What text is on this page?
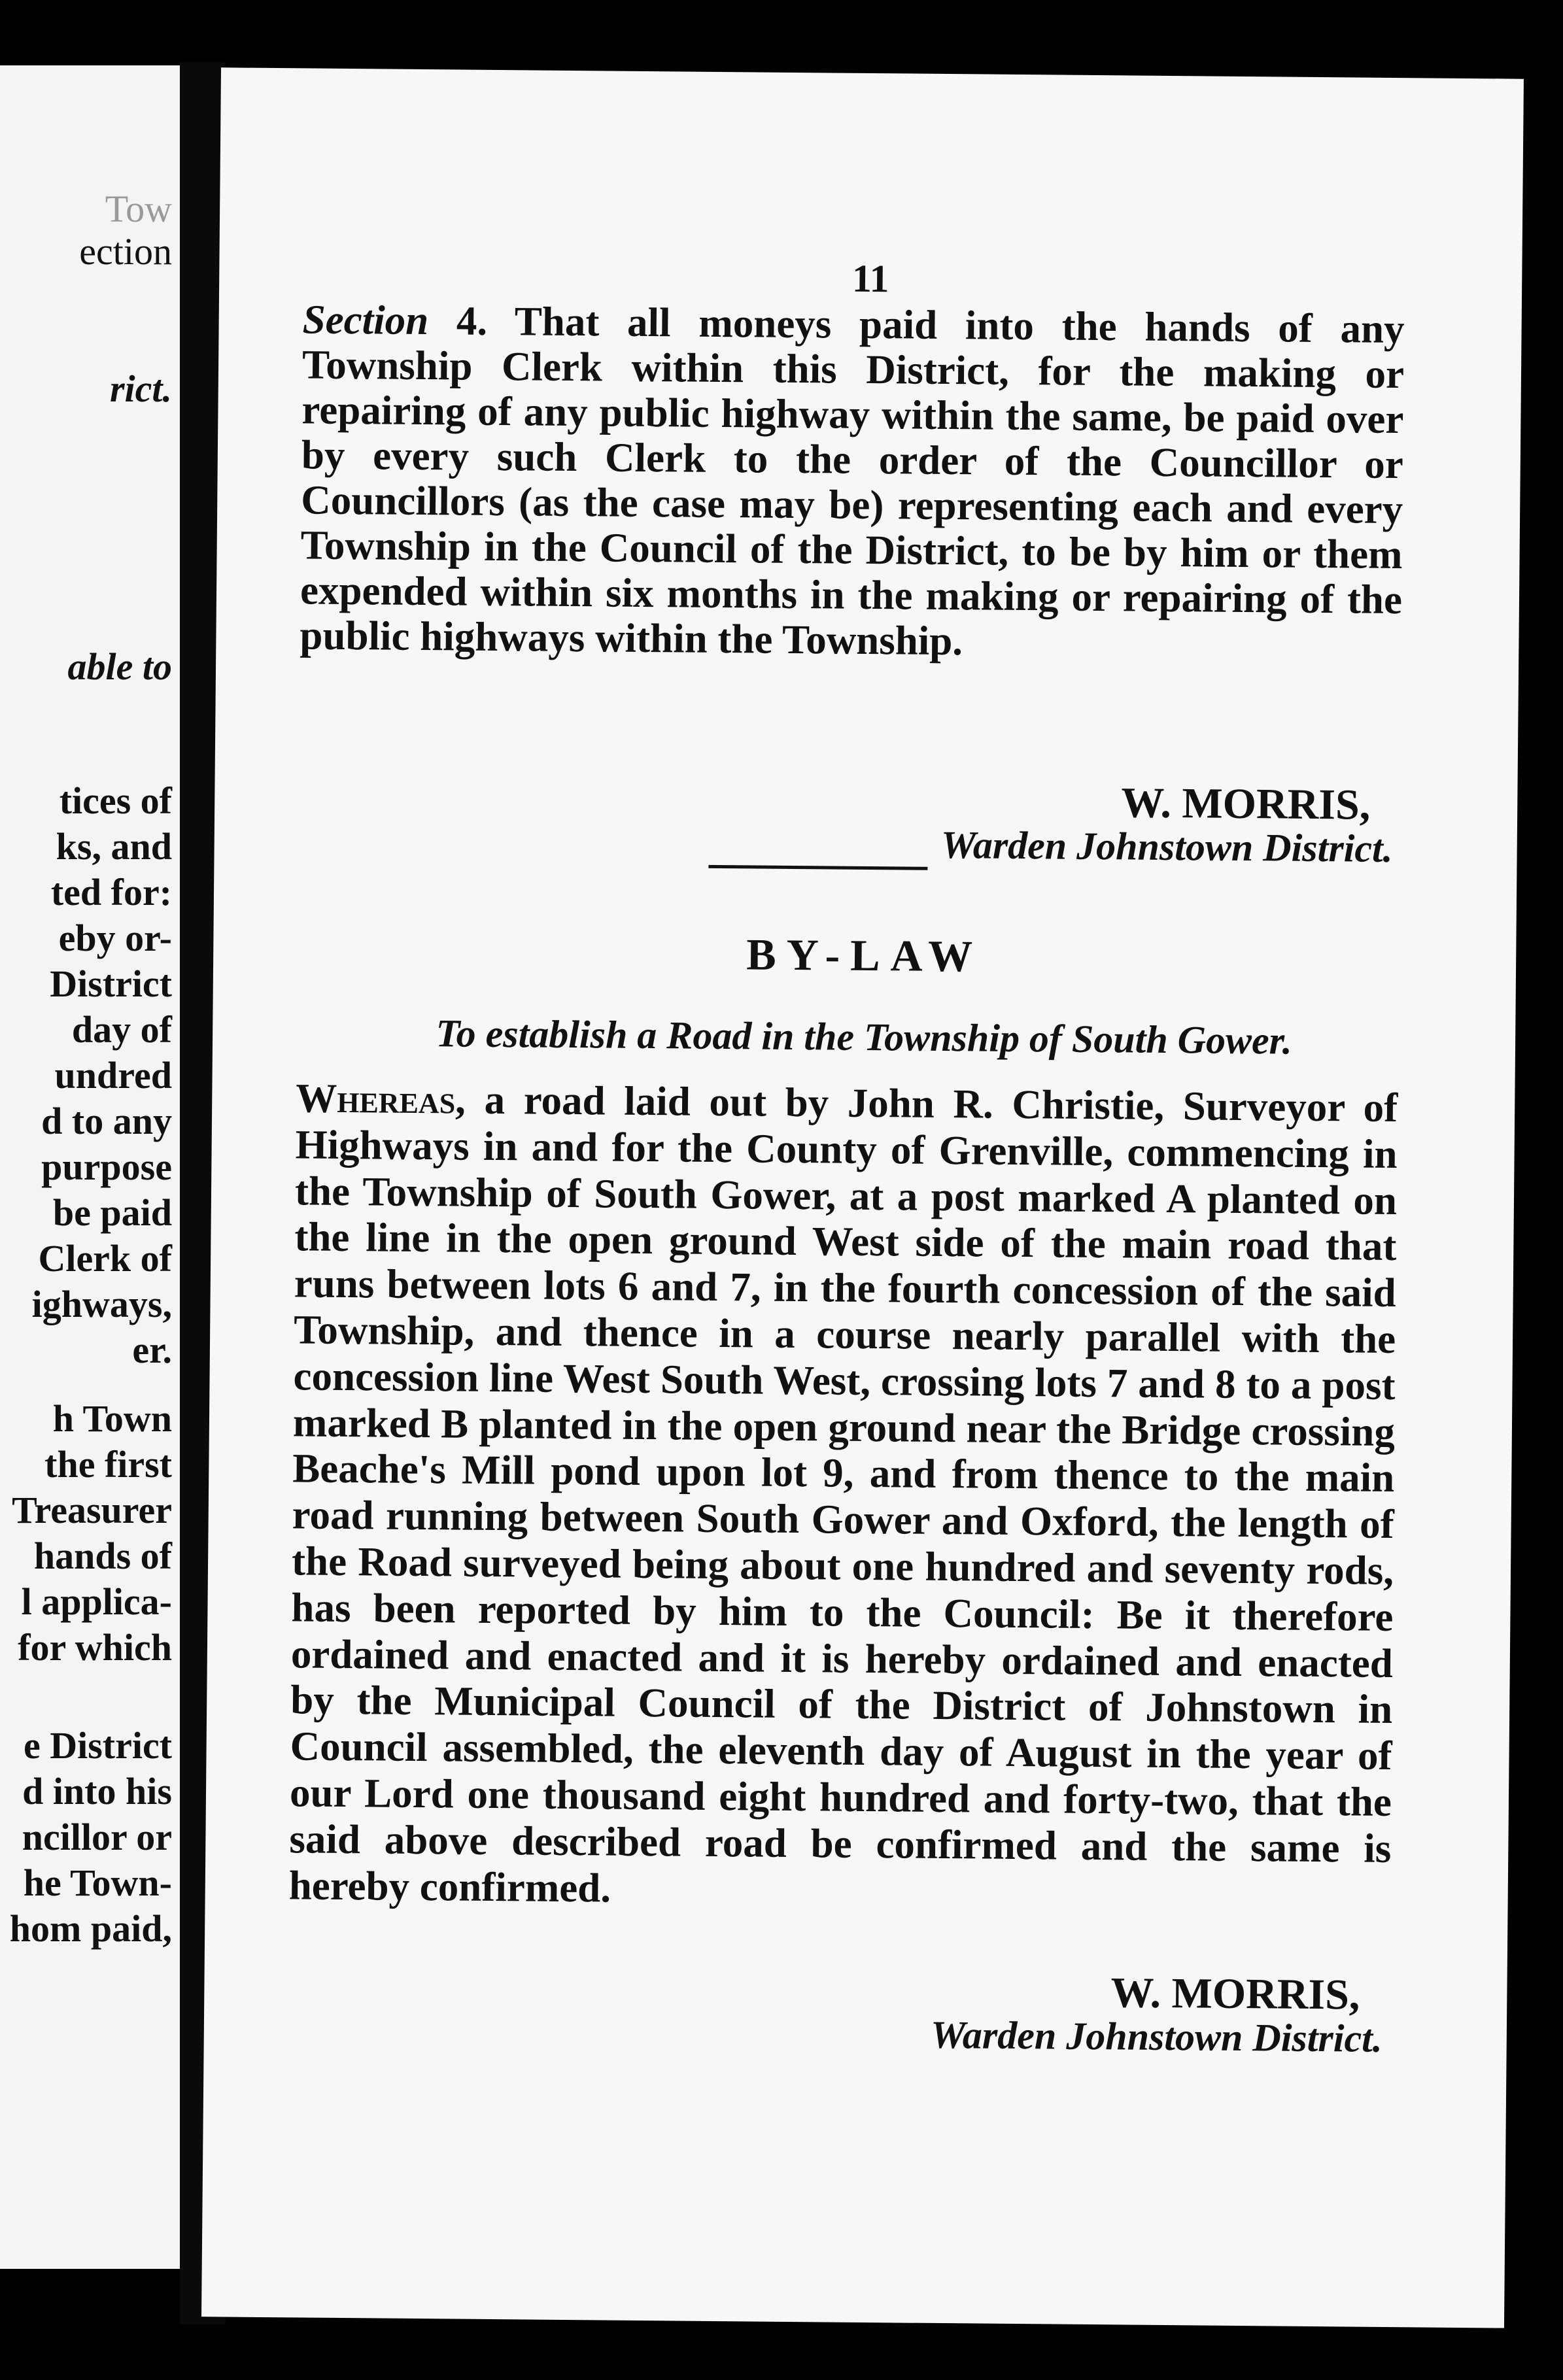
Tow
ection
rict.
able to
tices of
ks, and
ted for:
eby or-
District
day of
undred
d to any
purpose
be paid
Clerk of
ighways,
er.
h Town
the first
Treasurer
hands of
l applica-
for which
e District
d into his
ncillor or
he Town-
hom paid,
11
Section 4. That all moneys paid into the hands of any Township Clerk within this District, for the making or repairing of any public highway within the same, be paid over by every such Clerk to the order of the Councillor or Councillors (as the case may be) representing each and every Township in the Council of the District, to be by him or them expended within six months in the making or repairing of the public highways within the Township.
W. MORRIS,
Warden Johnstown District.
BY-LAW
To establish a Road in the Township of South Gower.
Whereas, a road laid out by John R. Christie, Surveyor of Highways in and for the County of Grenville, commencing in the Township of South Gower, at a post marked A planted on the line in the open ground West side of the main road that runs between lots 6 and 7, in the fourth concession of the said Township, and thence in a course nearly parallel with the concession line West South West, crossing lots 7 and 8 to a post marked B planted in the open ground near the Bridge crossing Beache's Mill pond upon lot 9, and from thence to the main road running between South Gower and Oxford, the length of the Road surveyed being about one hundred and seventy rods, has been reported by him to the Council: Be it therefore ordained and enacted and it is hereby ordained and enacted by the Municipal Council of the District of Johnstown in Council assembled, the eleventh day of August in the year of our Lord one thousand eight hundred and forty-two, that the said above described road be confirmed and the same is hereby confirmed.
W. MORRIS,
Warden Johnstown District.
